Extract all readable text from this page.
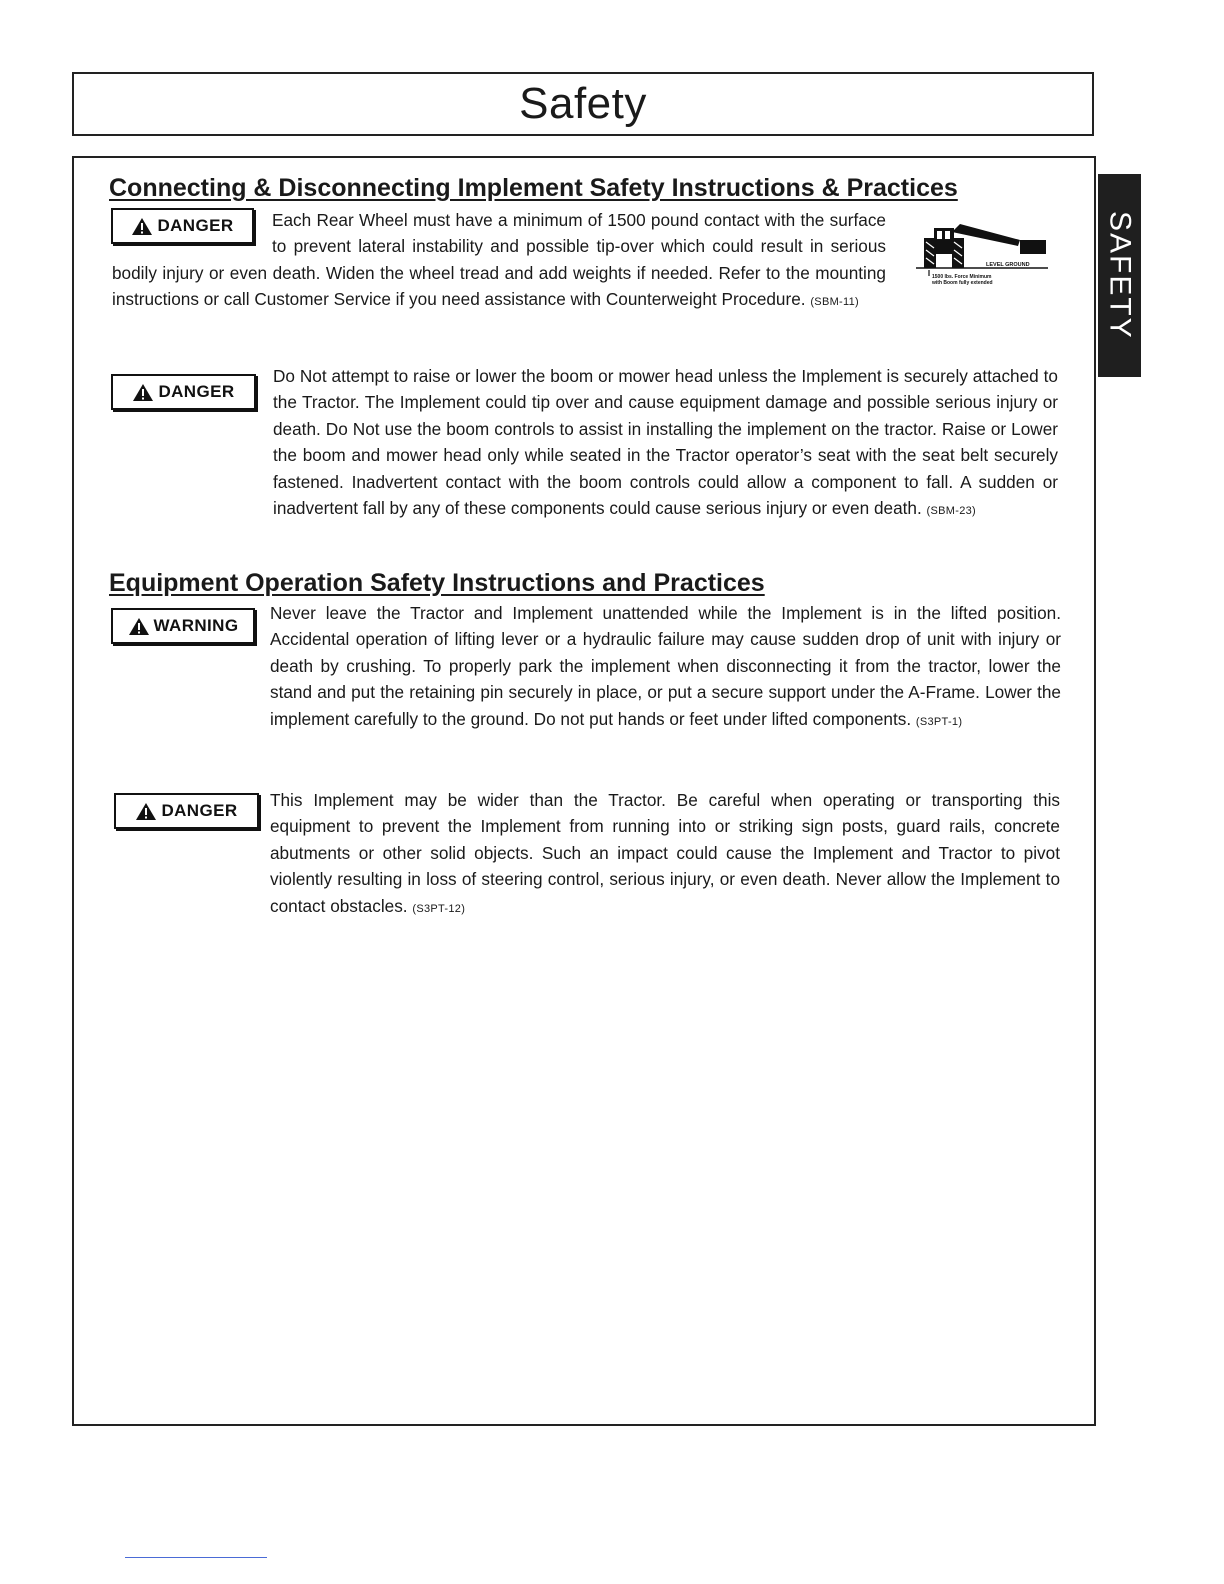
Safety
SAFETY
Connecting & Disconnecting Implement Safety Instructions & Practices
DANGER	Each Rear Wheel must have a minimum of 1500 pound contact with the surface to prevent lateral instability and possible tip-over which could result in serious bodily injury or even death. Widen the wheel tread and add weights if needed. Refer to the mounting instructions or call Customer Service if you need assistance with Counterweight Procedure. (SBM-11)
LEVEL GROUND
1500 lbs. Force Minimum
with Boom fully extended
DANGER
Do Not attempt to raise or lower the boom or mower head unless the Implement is securely attached to the Tractor. The Implement could tip over and cause equipment damage and possible serious injury or death. Do Not use the boom controls to assist in installing the implement on the tractor. Raise or Lower the boom and mower head only while seated in the Tractor operator’s seat with the seat belt securely fastened. Inadvertent contact with the boom controls could allow a component to fall. A sudden or inadvertent fall by any of these components could cause serious injury or even death. (SBM-23)
Equipment Operation Safety Instructions and Practices
WARNING
Never leave the Tractor and Implement unattended while the Implement is in the lifted position. Accidental operation of lifting lever or a hydraulic failure may cause sudden drop of unit with injury or death by crushing. To properly park the implement when disconnecting it from the tractor, lower the stand and put the retaining pin securely in place, or put a secure support under the A-Frame. Lower the implement carefully to the ground. Do not put hands or feet under lifted components. (S3PT-1)
DANGER
This Implement may be wider than the Tractor. Be careful when operating or transporting this equipment to prevent the Implement from running into or striking sign posts, guard rails, concrete abutments or other solid objects. Such an impact could cause the Implement and Tractor to pivot violently resulting in loss of steering control, serious injury, or even death. Never allow the Implement to contact obstacles. (S3PT-12)
